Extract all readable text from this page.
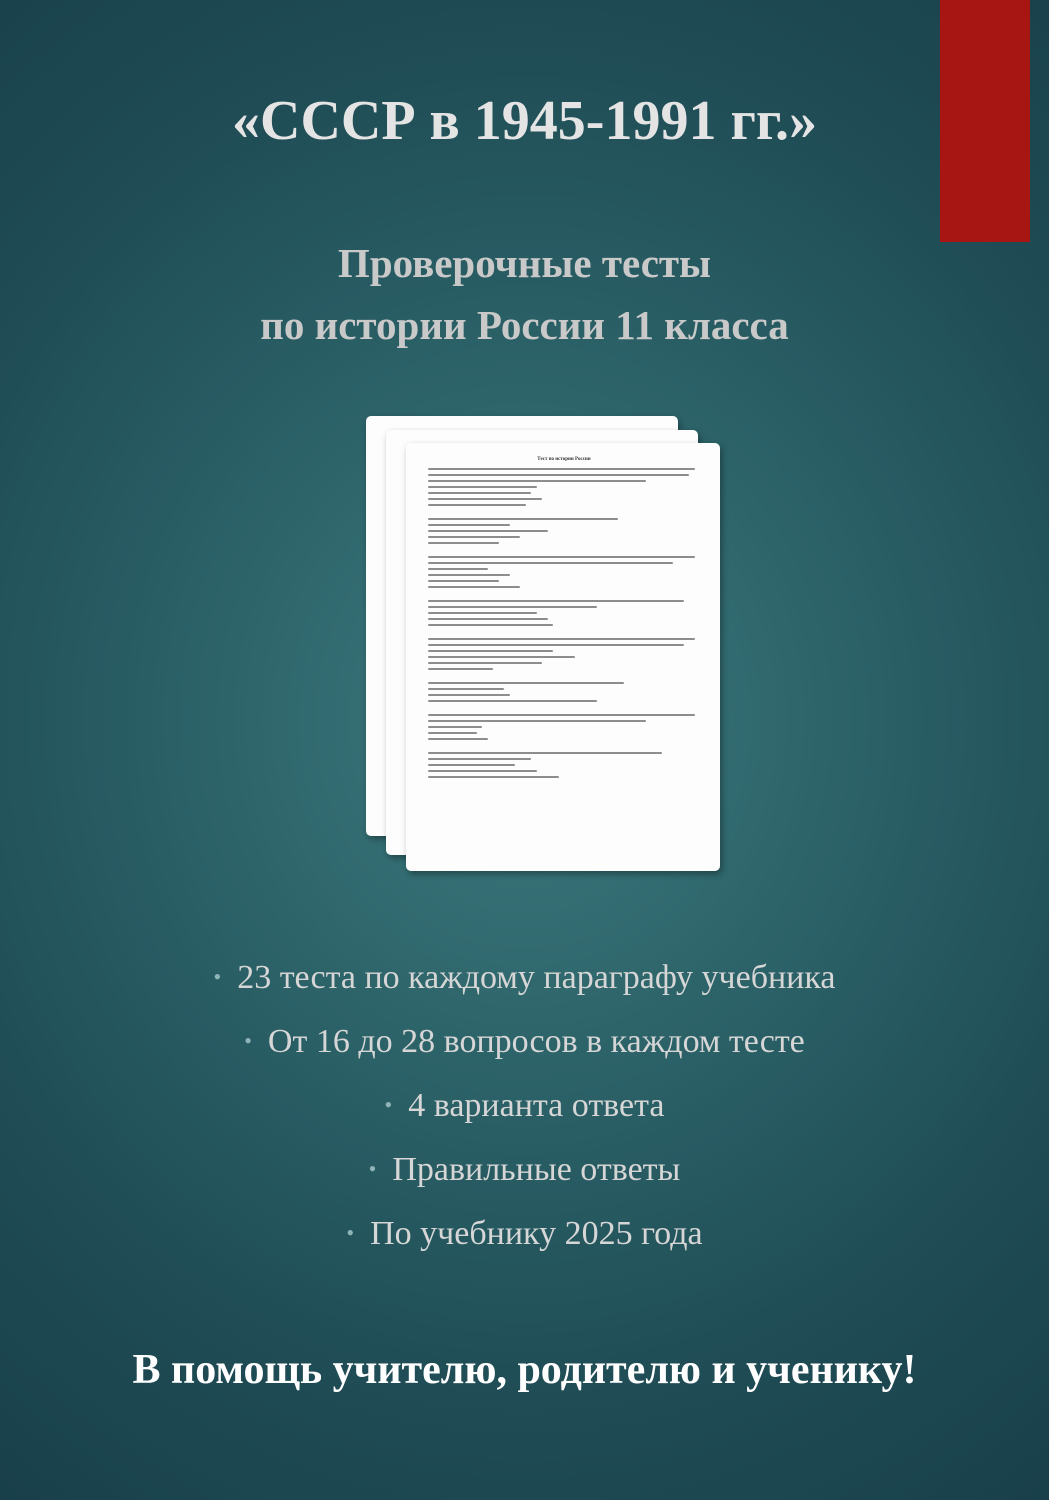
«СССР в 1945-1991 гг.»
Проверочные тесты
по истории России 11 класса
Тест по истории России
• 23 теста по каждому параграфу учебника
• От 16 до 28 вопросов в каждом тесте
• 4 варианта ответа
• Правильные ответы
• По учебнику 2025 года
В помощь учителю, родителю и ученику!
